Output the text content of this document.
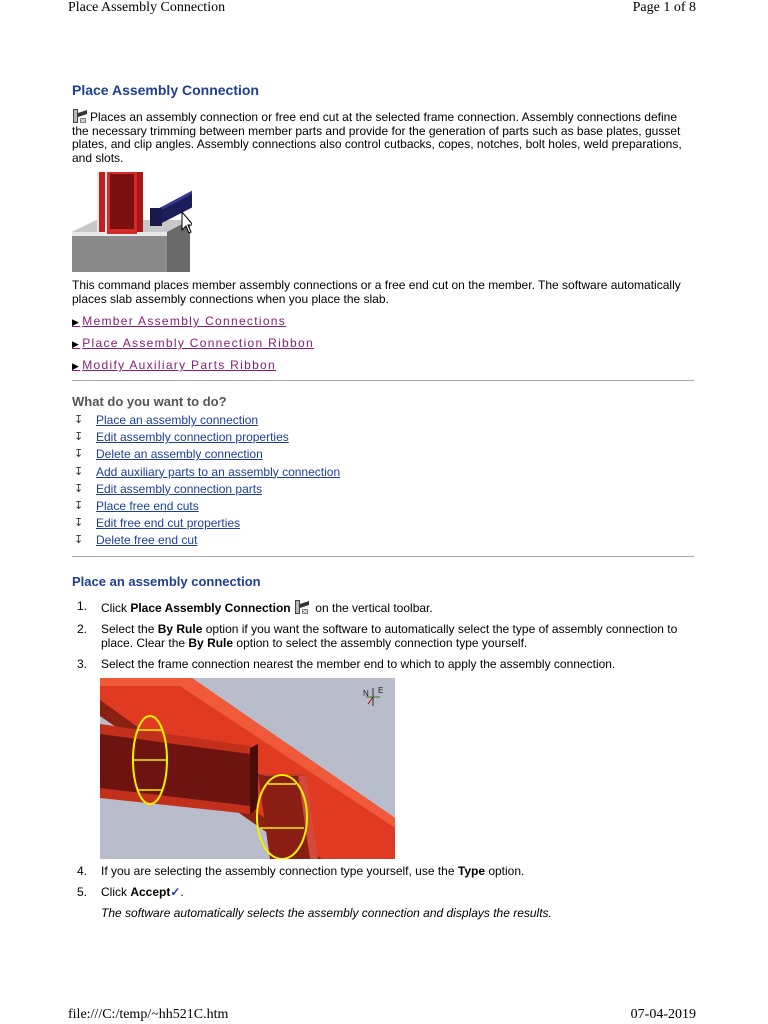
Place Assembly Connection	Page 1 of 8
Place Assembly Connection
Places an assembly connection or free end cut at the selected frame connection. Assembly connections define the necessary trimming between member parts and provide for the generation of parts such as base plates, gusset plates, and clip angles. Assembly connections also control cutbacks, copes, notches, bolt holes, weld preparations, and slots.
This command places member assembly connections or a free end cut on the member. The software automatically places slab assembly connections when you place the slab.
▶ Member Assembly Connections
▶ Place Assembly Connection Ribbon
▶ Modify Auxiliary Parts Ribbon
What do you want to do?
↧	Place an assembly connection
↧	Edit assembly connection properties
↧	Delete an assembly connection
↧	Add auxiliary parts to an assembly connection
↧	Edit assembly connection parts
↧	Place free end cuts
↧	Edit free end cut properties
↧	Delete free end cut
Place an assembly connection
1.	Click Place Assembly Connection  on the vertical toolbar.
2.	Select the By Rule option if you want the software to automatically select the type of assembly connection to place. Clear the By Rule option to select the assembly connection type yourself.
3.	Select the frame connection nearest the member end to which to apply the assembly connection.
N E
4.	If you are selecting the assembly connection type yourself, use the Type option.
5.	Click Accept✓.
The software automatically selects the assembly connection and displays the results.
file:///C:/temp/~hh521C.htm	07-04-2019
